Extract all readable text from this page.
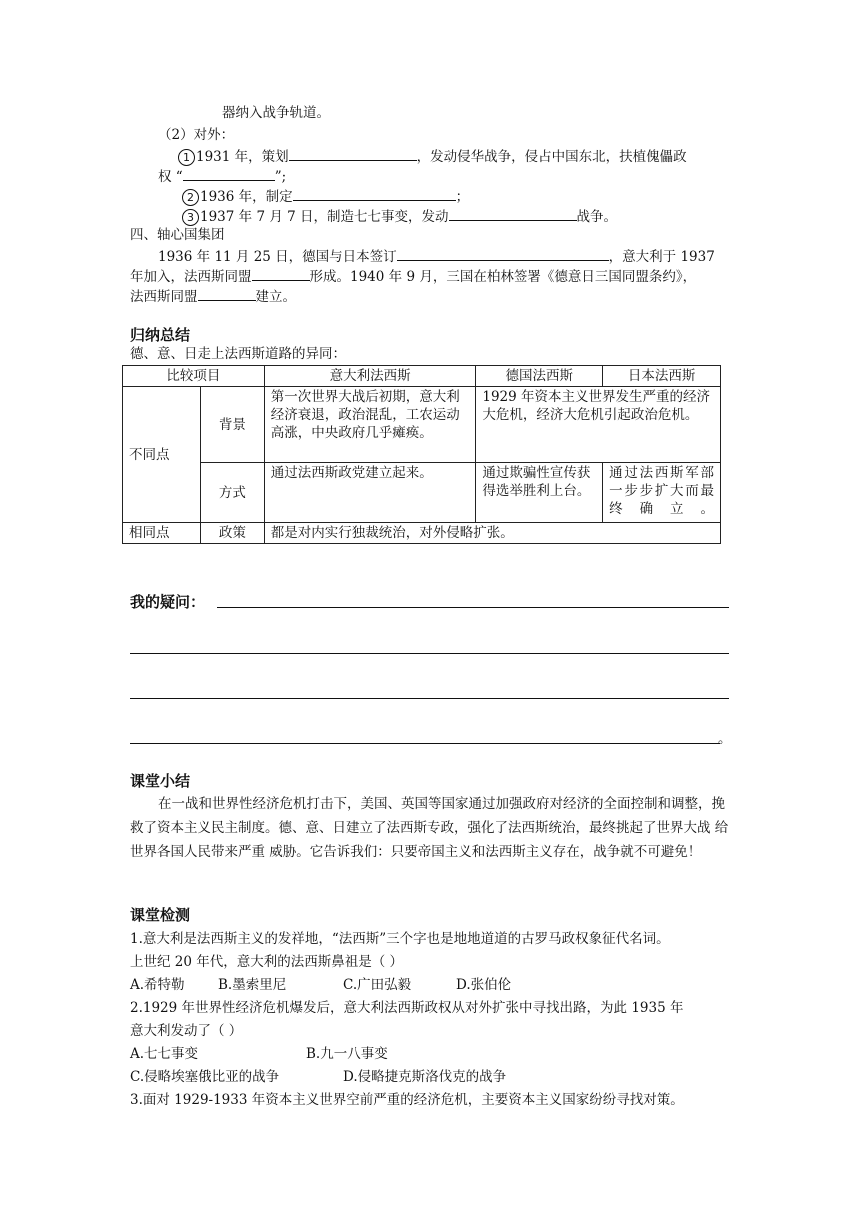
器纳入战争轨道。
（2）对外：
1 1931 年，策划	，发动侵华战争，侵占中国东北，扶植傀儡政
权 “	”;
2 1936 年，制定	；
3 1937 年 7 月 7 日，制造七七事变，发动	战争。
四、轴心国集团
1936 年 11 月 25 日，德国与日本签订	，意大利于 1937
年加入，法西斯同盟	形成。1940 年 9 月，三国在柏林签署《德意日三国同盟条约》，
法西斯同盟	建立。
归纳总结
德、意、日走上法西斯道路的异同：
比较项目		意大利法西斯	德国法西斯	日本法西斯
不同点	背景	第一次世界大战后初期，意大利经济衰退，政治混乱，工农运动高涨，中央政府几乎瘫痪。	1929 年资本主义世界发生严重的经济大危机，经济大危机引起政治危机。	
	方式	通过法西斯政党建立起来。	通过欺骗性宣传获得选举胜利上台。	通过法西斯军部一步步扩大而最终确立。
相同点	政策	都是对内实行独裁统治，对外侵略扩张。		
我的疑问：
。
课堂小结
在一战和世界性经济危机打击下，美国、英国等国家通过加强政府对经济的全面控制和调整，挽救了资本主义民主制度。德、意、日建立了法西斯专政，强化了法西斯统治，最终挑起了世界大战 给世界各国人民带来严重 威胁。它告诉我们：只要帝国主义和法西斯主义存在，战争就不可避免！
课堂检测
1.意大利是法西斯主义的发祥地，“法西斯”三个字也是地地道道的古罗马政权象征代名词。
上世纪 20 年代，意大利的法西斯鼻祖是（ ）
A.希特勒 B.墨索里尼	C.广田弘毅	D.张伯伦
2.1929 年世界性经济危机爆发后，意大利法西斯政权从对外扩张中寻找出路，为此 1935 年
意大利发动了（ ）
A.七七事变	B.九一八事变
C.侵略埃塞俄比亚的战争	D.侵略捷克斯洛伐克的战争
3.面对 1929-1933 年资本主义世界空前严重的经济危机，主要资本主义国家纷纷寻找对策。
